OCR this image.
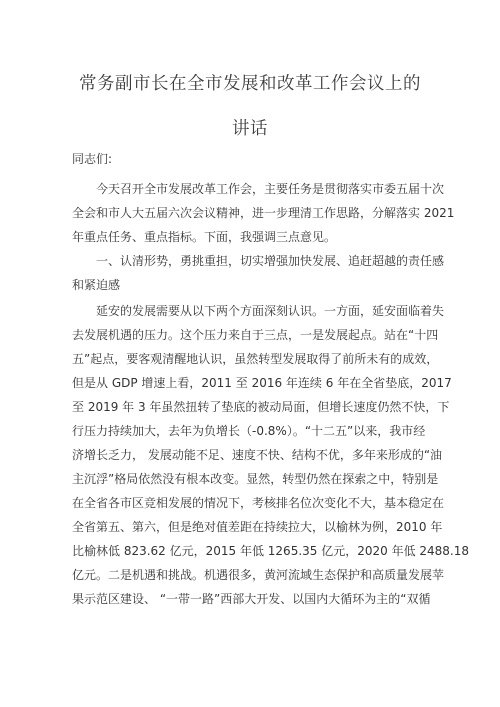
常务副市长在全市发展和改革工作会议上的
讲话
同志们:
今天召开全市发展改革工作会，主要任务是贯彻落实市委五届十次
全会和市人大五届六次会议精神，进一步理清工作思路，分解落实 2021
年重点任务、重点指标。下面，我强调三点意见。
一、认清形势，勇挑重担，切实增强加快发展、追赶超越的责任感
和紧迫感
延安的发展需要从以下两个方面深刻认识。一方面，延安面临着失
去发展机遇的压力。这个压力来自于三点，一是发展起点。站在“十四
五”起点，要客观清醒地认识，虽然转型发展取得了前所未有的成效，
但是从 GDP 增速上看，2011 至 2016 年连续 6 年在全省垫底，2017
至 2019 年 3 年虽然扭转了垫底的被动局面，但增长速度仍然不快，下
行压力持续加大，去年为负增长（-0.8%）。“十二五”以来，我市经
济增长乏力， 发展动能不足、速度不快、结构不优，多年来形成的“油
主沉浮”格局依然没有根本改变。显然，转型仍然在探索之中，特别是
在全省各市区竞相发展的情况下，考核排名位次变化不大，基本稳定在
全省第五、第六，但是绝对值差距在持续拉大，以榆林为例，2010 年
比榆林低 823.62 亿元，2015 年低 1265.35 亿元，2020 年低 2488.18
亿元。二是机遇和挑战。机遇很多，黄河流域生态保护和高质量发展苹
果示范区建设、 “一带一路”西部大开发、以国内大循环为主的“双循
